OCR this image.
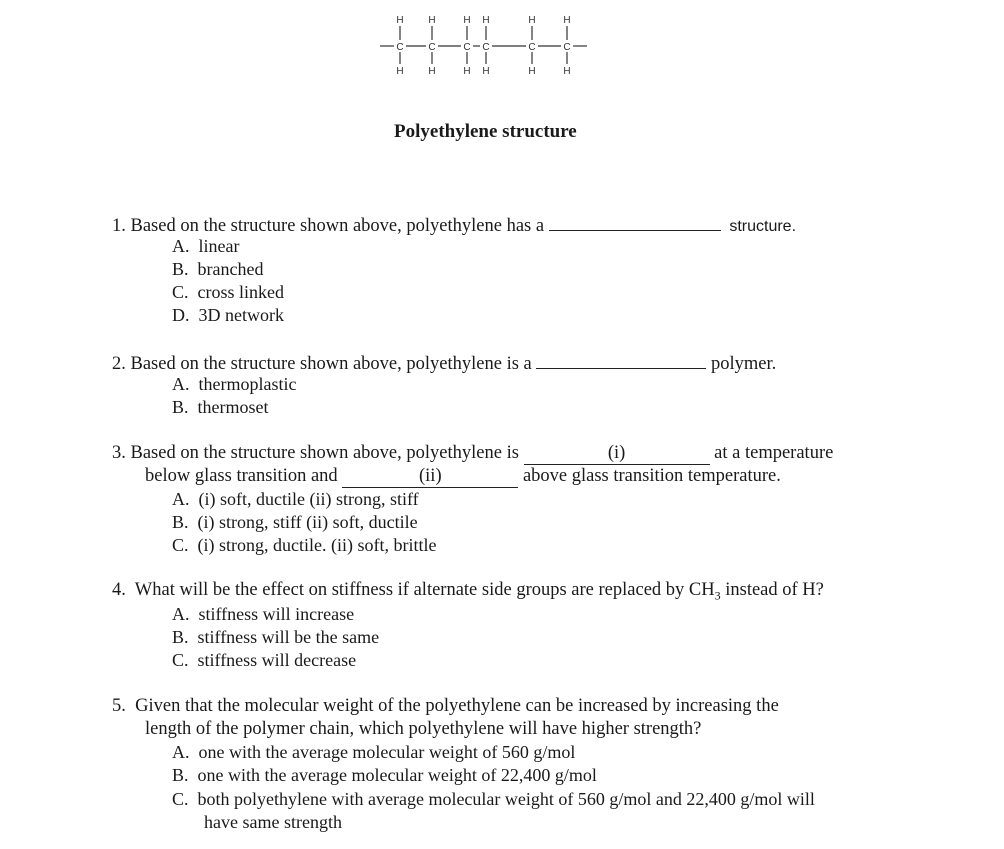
C C	C C	C	C
H H	H H	H	H
H H	H H	H	H
Polyethylene structure
1. Based on the structure shown above, polyethylene has a	structure.
A. linear
B. branched
C. cross linked
D. 3D network
2. Based on the structure shown above, polyethylene is a	polymer.
A. thermoplastic
B. thermoset
3. Based on the structure shown above, polyethylene is	(i)	at a temperature
below glass transition and	(ii)	above glass transition temperature.
A. (i) soft, ductile (ii) strong, stiff
B. (i) strong, stiff (ii) soft, ductile
C. (i) strong, ductile. (ii) soft, brittle
4. What will be the effect on stiffness if alternate side groups are replaced by $CH_3$ instead of H?
A. stiffness will increase
B. stiffness will be the same
C. stiffness will decrease
5. Given that the molecular weight of the polyethylene can be increased by increasing the
length of the polymer chain, which polyethylene will have higher strength?
A. one with the average molecular weight of 560 g/mol
B. one with the average molecular weight of 22,400 g/mol
C. both polyethylene with average molecular weight of 560 g/mol and 22,400 g/mol will
have same strength
